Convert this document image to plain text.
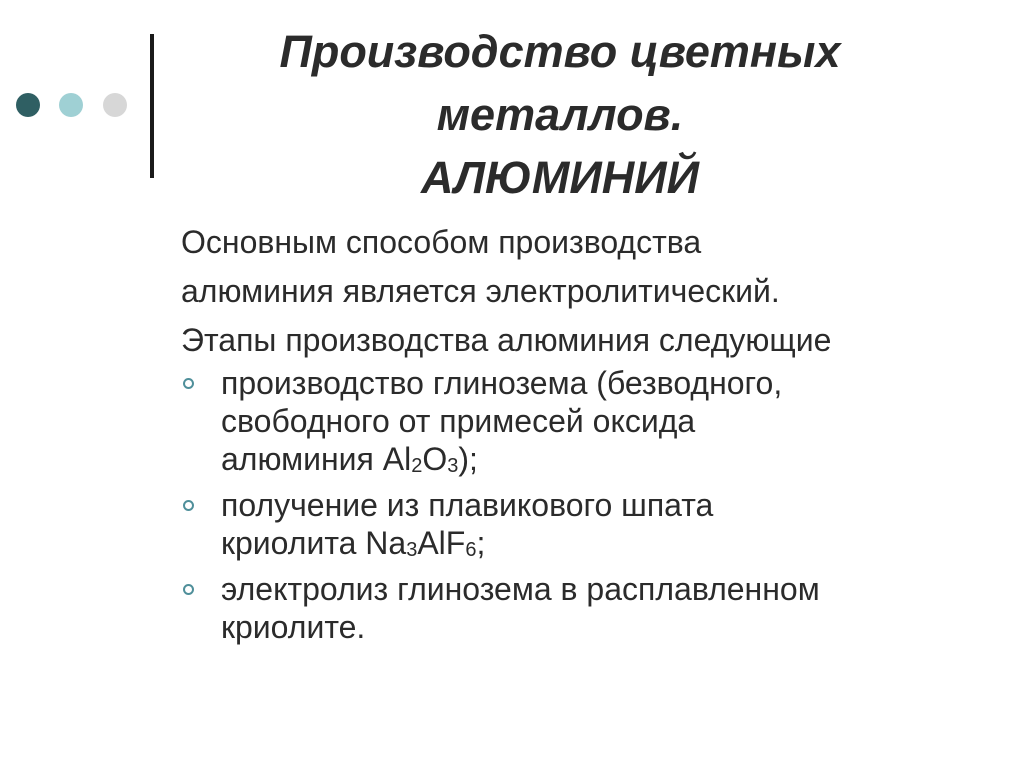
Производство цветных
металлов.
АЛЮМИНИЙ
Основным способом производства
алюминия является электролитический.
Этапы производства алюминия следующие
производство глинозема (безводного,
свободного от примесей оксида
алюминия $Al_2O_3$);
получение из плавикового шпата
криолита $Na_3AlF_6$;
электролиз глинозема в расплавленном
криолите.
